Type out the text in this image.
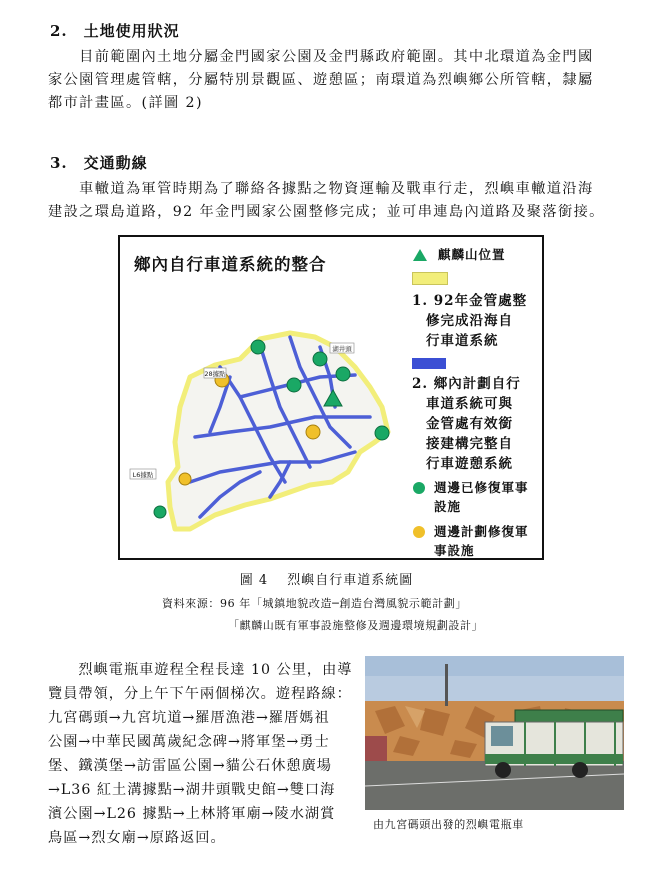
2.　土地使用狀況
　　目前範圍內土地分屬金門國家公園及金門縣政府範圍。其中北環道為金門國
家公園管理處管轄，分屬特別景觀區、遊憩區；南環道為烈嶼鄉公所管轄，隸屬
都市計畫區。(詳圖 2)
3.　交通動線
　　車轍道為軍管時期為了聯絡各據點之物資運輸及戰車行走，烈嶼車轍道沿海
建設之環島道路，92 年金門國家公園整修完成；並可串連島內道路及聚落銜接。
鄉內自行車道系統的整合
湖井頭
28據點
L6據點
麒麟山位置
1. 92年金管處整
修完成沿海自
行車道系統
2. 鄉內計劃自行
車道系統可與
金管處有效銜
接建構完整自
行車遊憩系統
週邊已修復軍事
設施
週邊計劃修復軍
事設施
圖 4　 烈嶼自行車道系統圖
資料來源：96 年「城鎮地貌改造─創造台灣風貌示範計劃」
「麒麟山既有軍事設施整修及週邊環境規劃設計」
　　烈嶼電瓶車遊程全程長達 10 公里，由導
覽員帶領，分上午下午兩個梯次。遊程路線：
九宮碼頭→九宮坑道→羅厝漁港→羅厝媽祖
公園→中華民國萬歲紀念碑→將軍堡→勇士
堡、鐵漢堡→訪雷區公園→貓公石休憩廣場
→L36 紅土溝據點→湖井頭戰史館→雙口海
濱公園→L26 據點→上林將軍廟→陵水湖賞
鳥區→烈女廟→原路返回。
由九宮碼頭出發的烈嶼電瓶車
